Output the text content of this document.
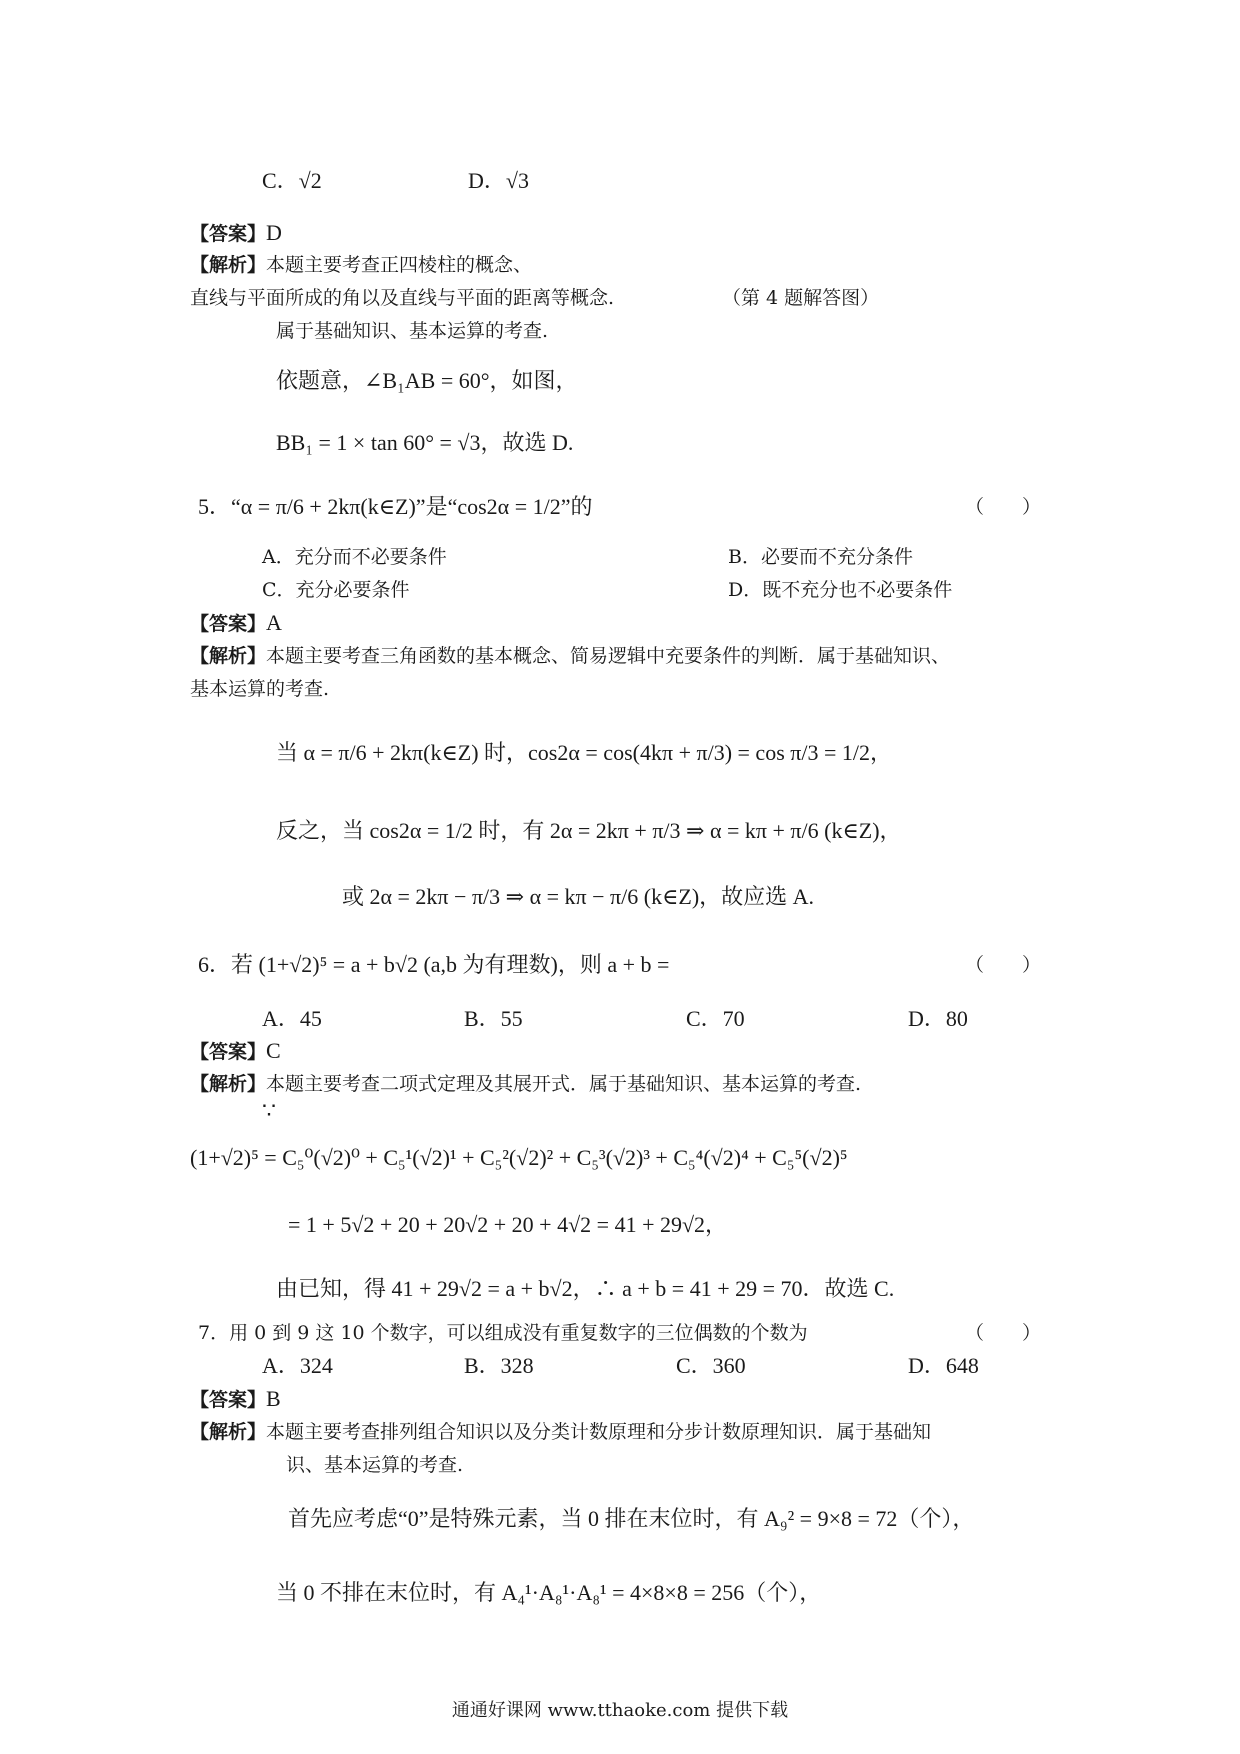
C．√2	D．√3
【答案】D
【解析】本题主要考查正四棱柱的概念、
直线与平面所成的角以及直线与平面的距离等概念.	（第 4 题解答图）
属于基础知识、基本运算的考查.
依题意，∠B₁AB = 60°，如图，
BB₁ = 1 × tan 60° = √3，故选 D.
5．“α = π/6 + 2kπ(k∈Z)”是“cos2α = 1/2”的	（　　）
A．充分而不必要条件	B．必要而不充分条件
C．充分必要条件	D．既不充分也不必要条件
【答案】A
【解析】本题主要考查三角函数的基本概念、简易逻辑中充要条件的判断．属于基础知识、
基本运算的考查.
当 α = π/6 + 2kπ(k∈Z) 时，cos2α = cos(4kπ + π/3) = cos π/3 = 1/2，
反之，当 cos2α = 1/2 时，有 2α = 2kπ + π/3 ⇒ α = kπ + π/6 (k∈Z)，
或 2α = 2kπ − π/3 ⇒ α = kπ − π/6 (k∈Z)，故应选 A.
6．若 (1+√2)⁵ = a + b√2 (a,b 为有理数)，则 a + b =	（　　）
A．45	B．55	C．70	D．80
【答案】C
【解析】本题主要考查二项式定理及其展开式．属于基础知识、基本运算的考查.
∵
(1+√2)⁵ = C₅⁰(√2)⁰ + C₅¹(√2)¹ + C₅²(√2)² + C₅³(√2)³ + C₅⁴(√2)⁴ + C₅⁵(√2)⁵
= 1 + 5√2 + 20 + 20√2 + 20 + 4√2 = 41 + 29√2，
由已知，得 41 + 29√2 = a + b√2，∴ a + b = 41 + 29 = 70．故选 C.
7．用 0 到 9 这 10 个数字，可以组成没有重复数字的三位偶数的个数为	（　　）
A．324	B．328	C．360	D．648
【答案】B
【解析】本题主要考查排列组合知识以及分类计数原理和分步计数原理知识．属于基础知
识、基本运算的考查.
首先应考虑“0”是特殊元素，当 0 排在末位时，有 A₉² = 9×8 = 72（个），
当 0 不排在末位时，有 A₄¹·A₈¹·A₈¹ = 4×8×8 = 256（个），
通通好课网 www.tthaoke.com 提供下载
